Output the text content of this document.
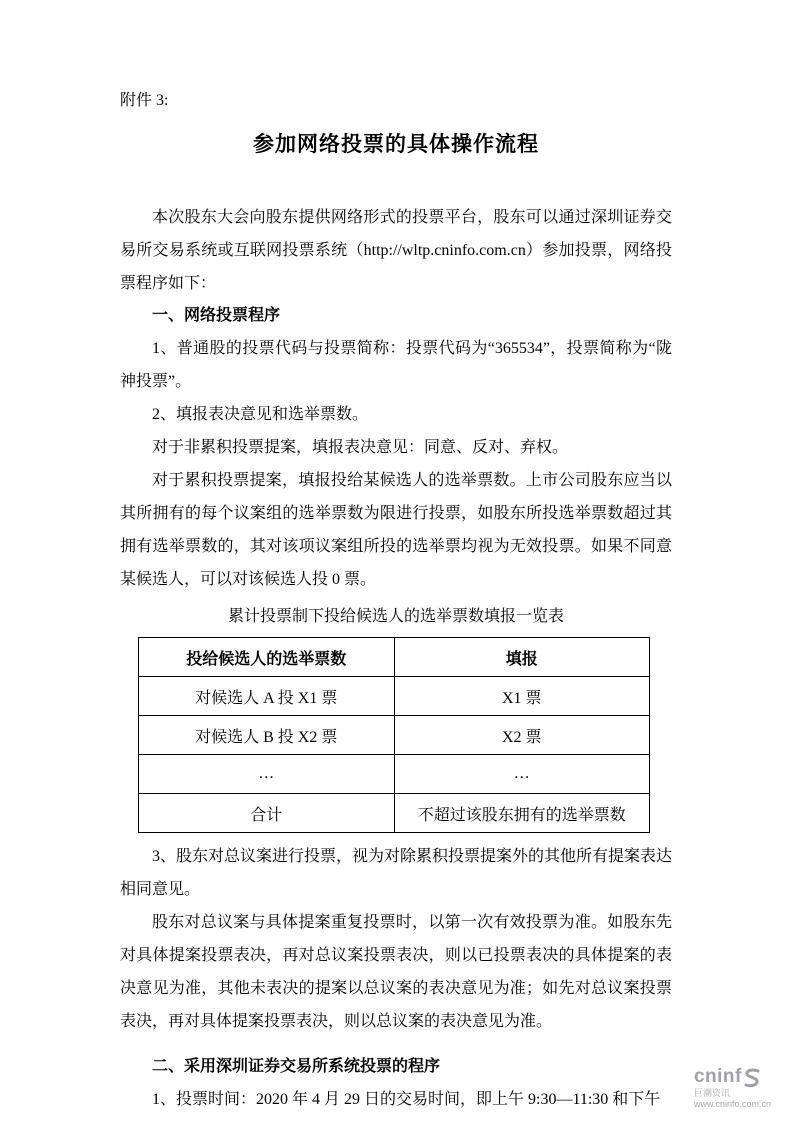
附件 3:
参加网络投票的具体操作流程

本次股东大会向股东提供网络形式的投票平台，股东可以通过深圳证券交易所交易系统或互联网投票系统（http://wltp.cninfo.com.cn）参加投票，网络投票程序如下：

一、网络投票程序

1、普通股的投票代码与投票简称：投票代码为“365534”，投票简称为“陇神投票”。

2、填报表决意见和选举票数。

对于非累积投票提案，填报表决意见：同意、反对、弃权。

对于累积投票提案，填报投给某候选人的选举票数。上市公司股东应当以其所拥有的每个议案组的选举票数为限进行投票，如股东所投选举票数超过其拥有选举票数的，其对该项议案组所投的选举票均视为无效投票。如果不同意某候选人，可以对该候选人投 0 票。

累计投票制下投给候选人的选举票数填报一览表
投给候选人的选举票数	填报
对候选人 A 投 X1 票	X1 票
对候选人 B 投 X2 票	X2 票
…	…
合计	不超过该股东拥有的选举票数

3、股东对总议案进行投票，视为对除累积投票提案外的其他所有提案表达相同意见。

股东对总议案与具体提案重复投票时，以第一次有效投票为准。如股东先对具体提案投票表决，再对总议案投票表决，则以已投票表决的具体提案的表决意见为准，其他未表决的提案以总议案的表决意见为准；如先对总议案投票表决，再对具体提案投票表决，则以总议案的表决意见为准。

二、采用深圳证券交易所系统投票的程序

1、投票时间：2020 年 4 月 29 日的交易时间，即上午 9:30—11:30 和下午

cninf
巨潮资讯
www.cninfo.com.cn
